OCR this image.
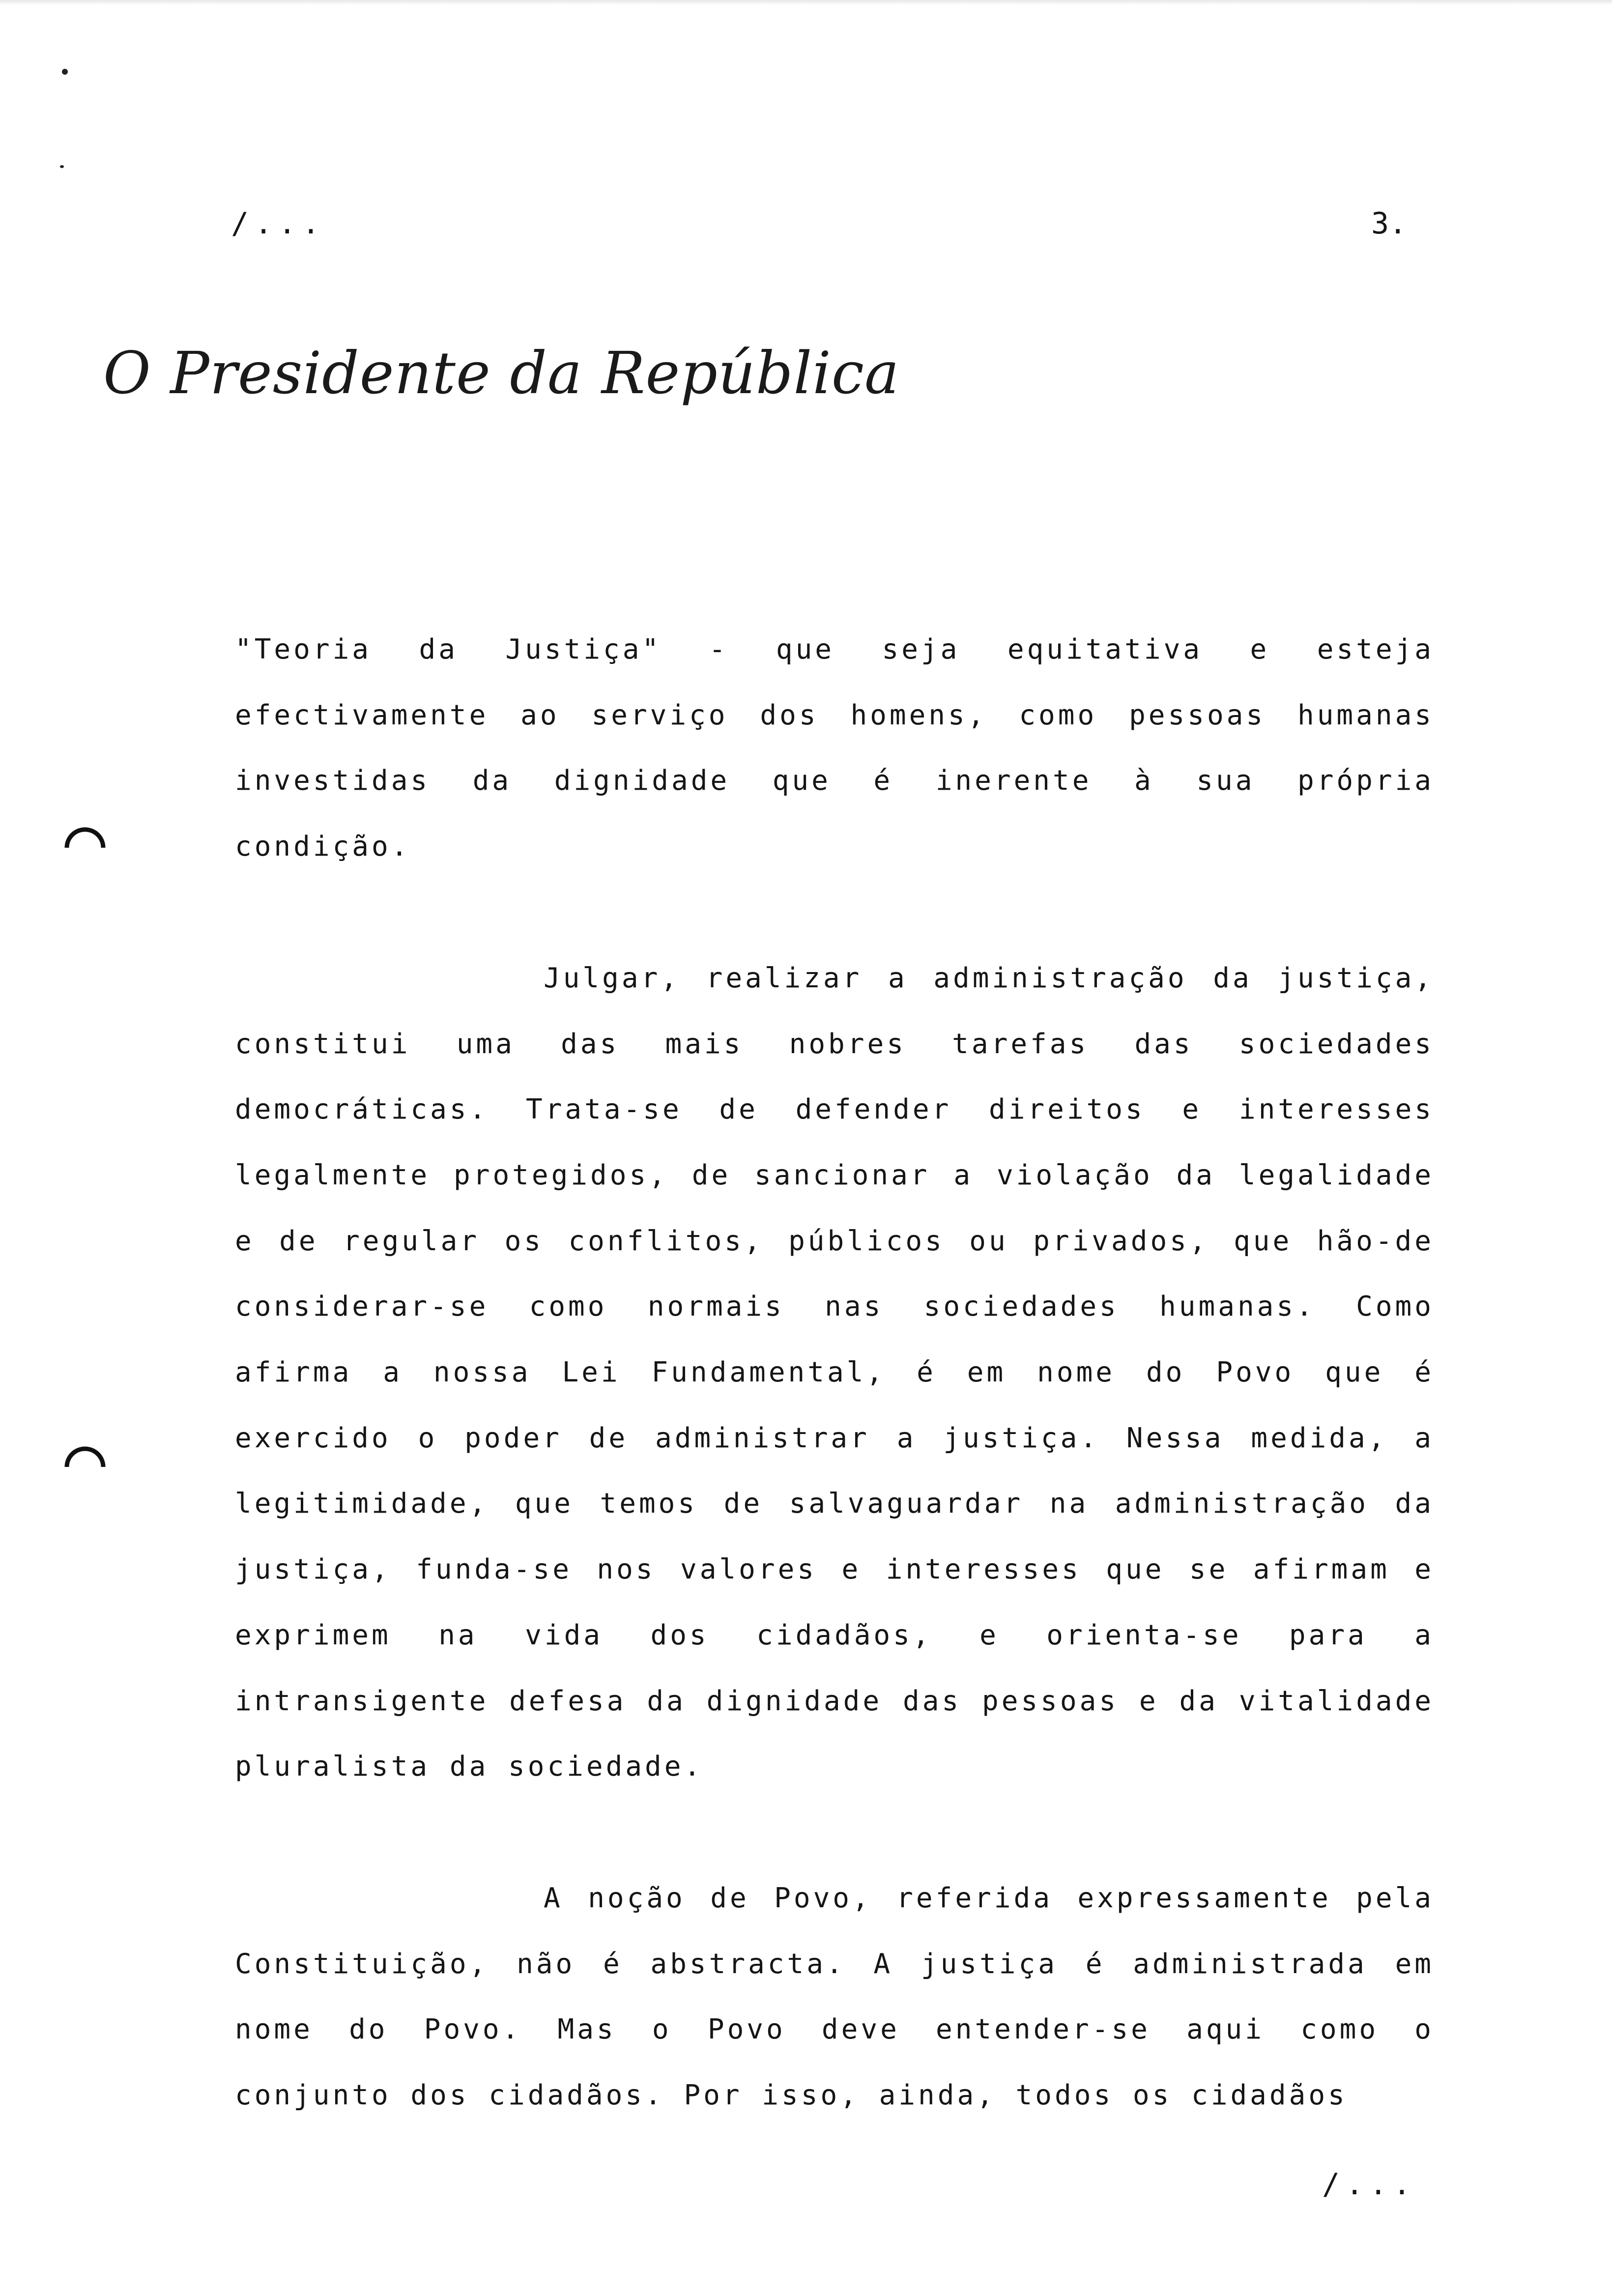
/...	3.
O Presidente da República

"Teoria da Justiça" - que seja equitativa e esteja efectivamente ao serviço dos homens, como pessoas humanas investidas da dignidade que é inerente à sua própria condição.

Julgar, realizar a administração da justiça, constitui uma das mais nobres tarefas das sociedades democráticas. Trata-se de defender direitos e interesses legalmente protegidos, de sancionar a violação da legalidade e de regular os conflitos, públicos ou privados, que hão-de considerar-se como normais nas sociedades humanas. Como afirma a nossa Lei Fundamental, é em nome do Povo que é exercido o poder de administrar a justiça. Nessa medida, a legitimidade, que temos de salvaguardar na administração da justiça, funda-se nos valores e interesses que se afirmam e exprimem na vida dos cidadãos, e orienta-se para a intransigente defesa da dignidade das pessoas e da vitalidade pluralista da sociedade.

A noção de Povo, referida expressamente pela Constituição, não é abstracta. A justiça é administrada em nome do Povo. Mas o Povo deve entender-se aqui como o conjunto dos cidadãos. Por isso, ainda, todos os cidadãos

/...
